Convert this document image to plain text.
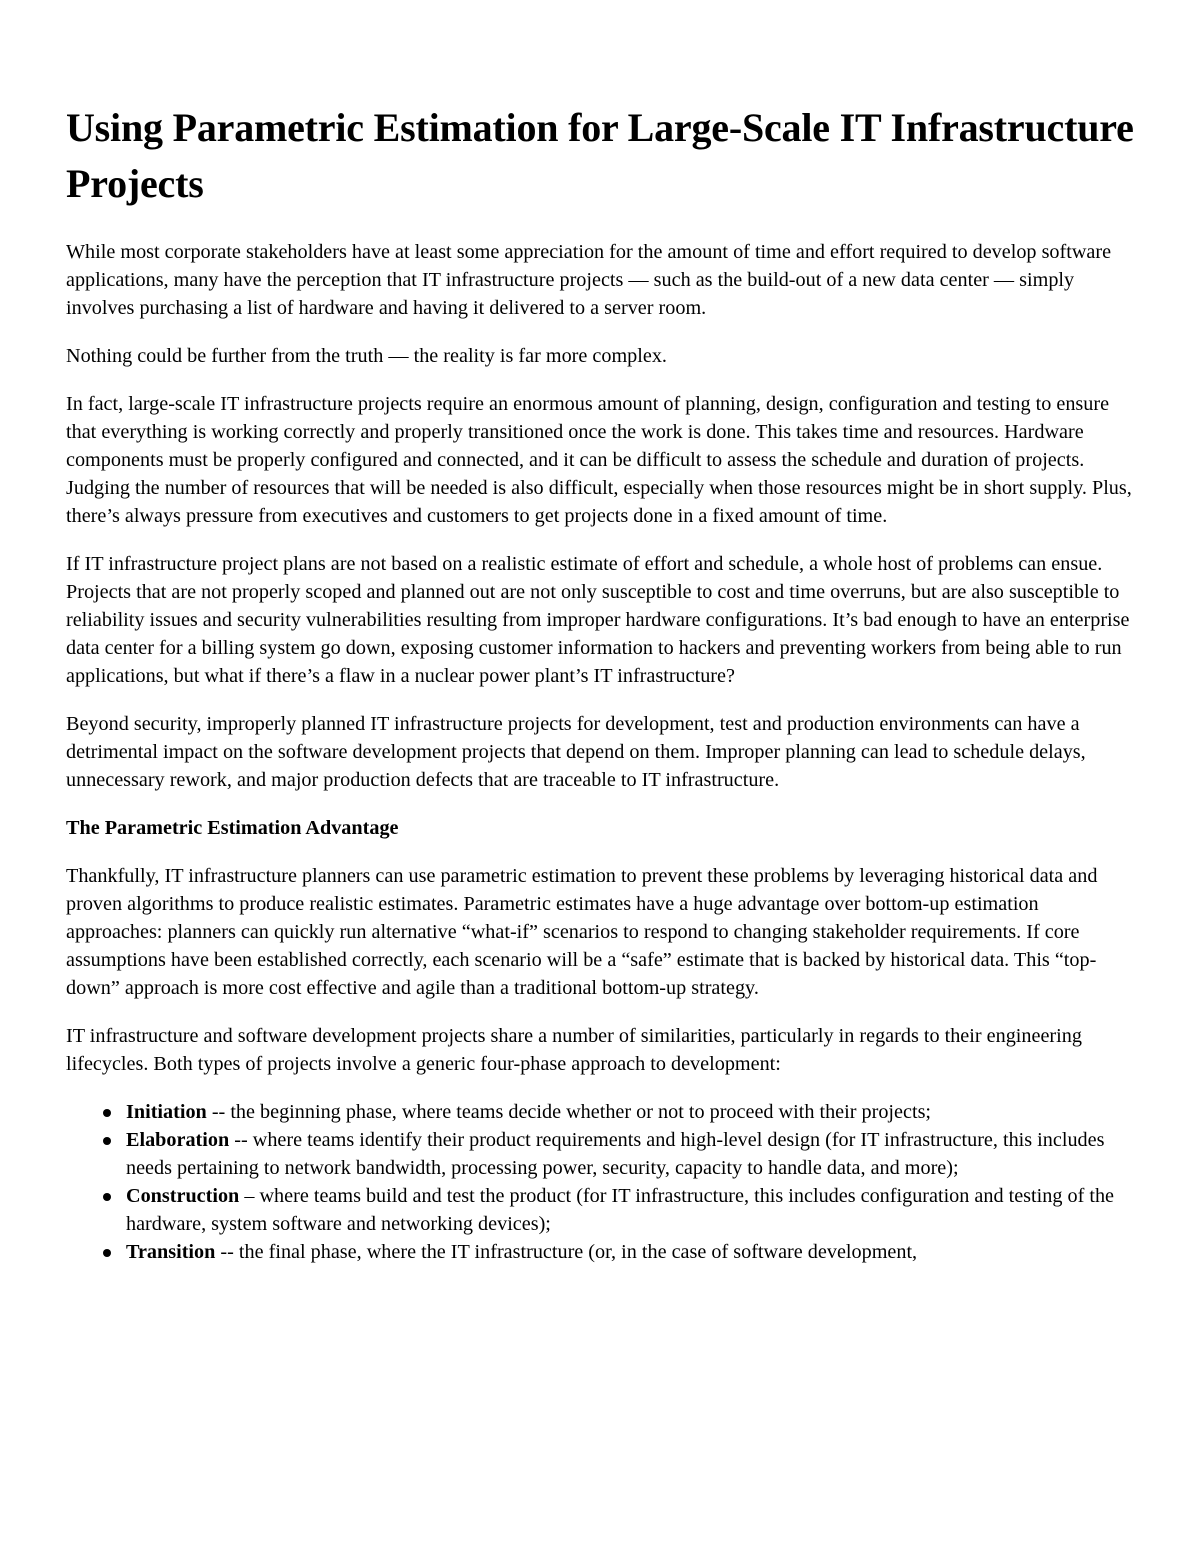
Using Parametric Estimation for Large-Scale IT Infrastructure Projects

While most corporate stakeholders have at least some appreciation for the amount of time and effort required to develop software applications, many have the perception that IT infrastructure projects — such as the build-out of a new data center — simply involves purchasing a list of hardware and having it delivered to a server room.

Nothing could be further from the truth — the reality is far more complex.

In fact, large-scale IT infrastructure projects require an enormous amount of planning, design, configuration and testing to ensure that everything is working correctly and properly transitioned once the work is done. This takes time and resources. Hardware components must be properly configured and connected, and it can be difficult to assess the schedule and duration of projects. Judging the number of resources that will be needed is also difficult, especially when those resources might be in short supply. Plus, there’s always pressure from executives and customers to get projects done in a fixed amount of time.

If IT infrastructure project plans are not based on a realistic estimate of effort and schedule, a whole host of problems can ensue. Projects that are not properly scoped and planned out are not only susceptible to cost and time overruns, but are also susceptible to reliability issues and security vulnerabilities resulting from improper hardware configurations. It’s bad enough to have an enterprise data center for a billing system go down, exposing customer information to hackers and preventing workers from being able to run applications, but what if there’s a flaw in a nuclear power plant’s IT infrastructure?

Beyond security, improperly planned IT infrastructure projects for development, test and production environments can have a detrimental impact on the software development projects that depend on them. Improper planning can lead to schedule delays, unnecessary rework, and major production defects that are traceable to IT infrastructure.

The Parametric Estimation Advantage

Thankfully, IT infrastructure planners can use parametric estimation to prevent these problems by leveraging historical data and proven algorithms to produce realistic estimates. Parametric estimates have a huge advantage over bottom-up estimation approaches: planners can quickly run alternative “what-if” scenarios to respond to changing stakeholder requirements. If core assumptions have been established correctly, each scenario will be a “safe” estimate that is backed by historical data. This “top-down” approach is more cost effective and agile than a traditional bottom-up strategy.

IT infrastructure and software development projects share a number of similarities, particularly in regards to their engineering lifecycles. Both types of projects involve a generic four-phase approach to development:

Initiation -- the beginning phase, where teams decide whether or not to proceed with their projects;
Elaboration -- where teams identify their product requirements and high-level design (for IT infrastructure, this includes needs pertaining to network bandwidth, processing power, security, capacity to handle data, and more);
Construction – where teams build and test the product (for IT infrastructure, this includes configuration and testing of the hardware, system software and networking devices);
Transition -- the final phase, where the IT infrastructure (or, in the case of software development,
